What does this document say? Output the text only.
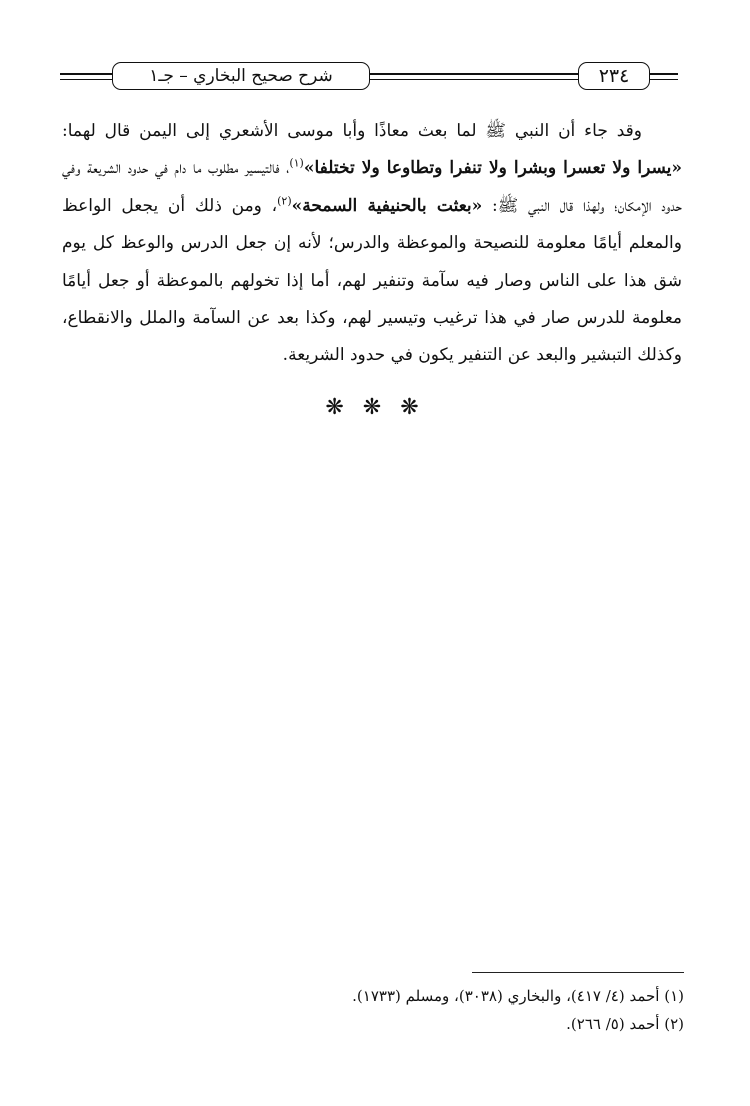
شرح صحيح البخاري – جـ١	٢٣٤

وقد جاء أن النبي ﷺ لما بعث معاذًا وأبا موسى الأشعري إلى اليمن قال لهما: «يسرا ولا تعسرا وبشرا ولا تنفرا وتطاوعا ولا تختلفا»$^{(١)}$، فالتيسير مطلوب ما دام في حدود الشريعة وفي حدود الإمكان؛ ولهذا قال النبي ﷺ: «بعثت بالحنيفية السمحة»$^{(٢)}$، ومن ذلك أن يجعل الواعظ والمعلم أيامًا معلومة للنصيحة والموعظة والدرس؛ لأنه إن جعل الدرس والوعظ كل يوم شق هذا على الناس وصار فيه سآمة وتنفير لهم، أما إذا تخولهم بالموعظة أو جعل أيامًا معلومة للدرس صار في هذا ترغيب وتيسير لهم، وكذا بعد عن السآمة والملل والانقطاع، وكذلك التبشير والبعد عن التنفير يكون في حدود الشريعة.

❋ ❋ ❋
(١) أحمد (٤/ ٤١٧)، والبخاري (٣٠٣٨)، ومسلم (١٧٣٣).
(٢) أحمد (٥/ ٢٦٦).
